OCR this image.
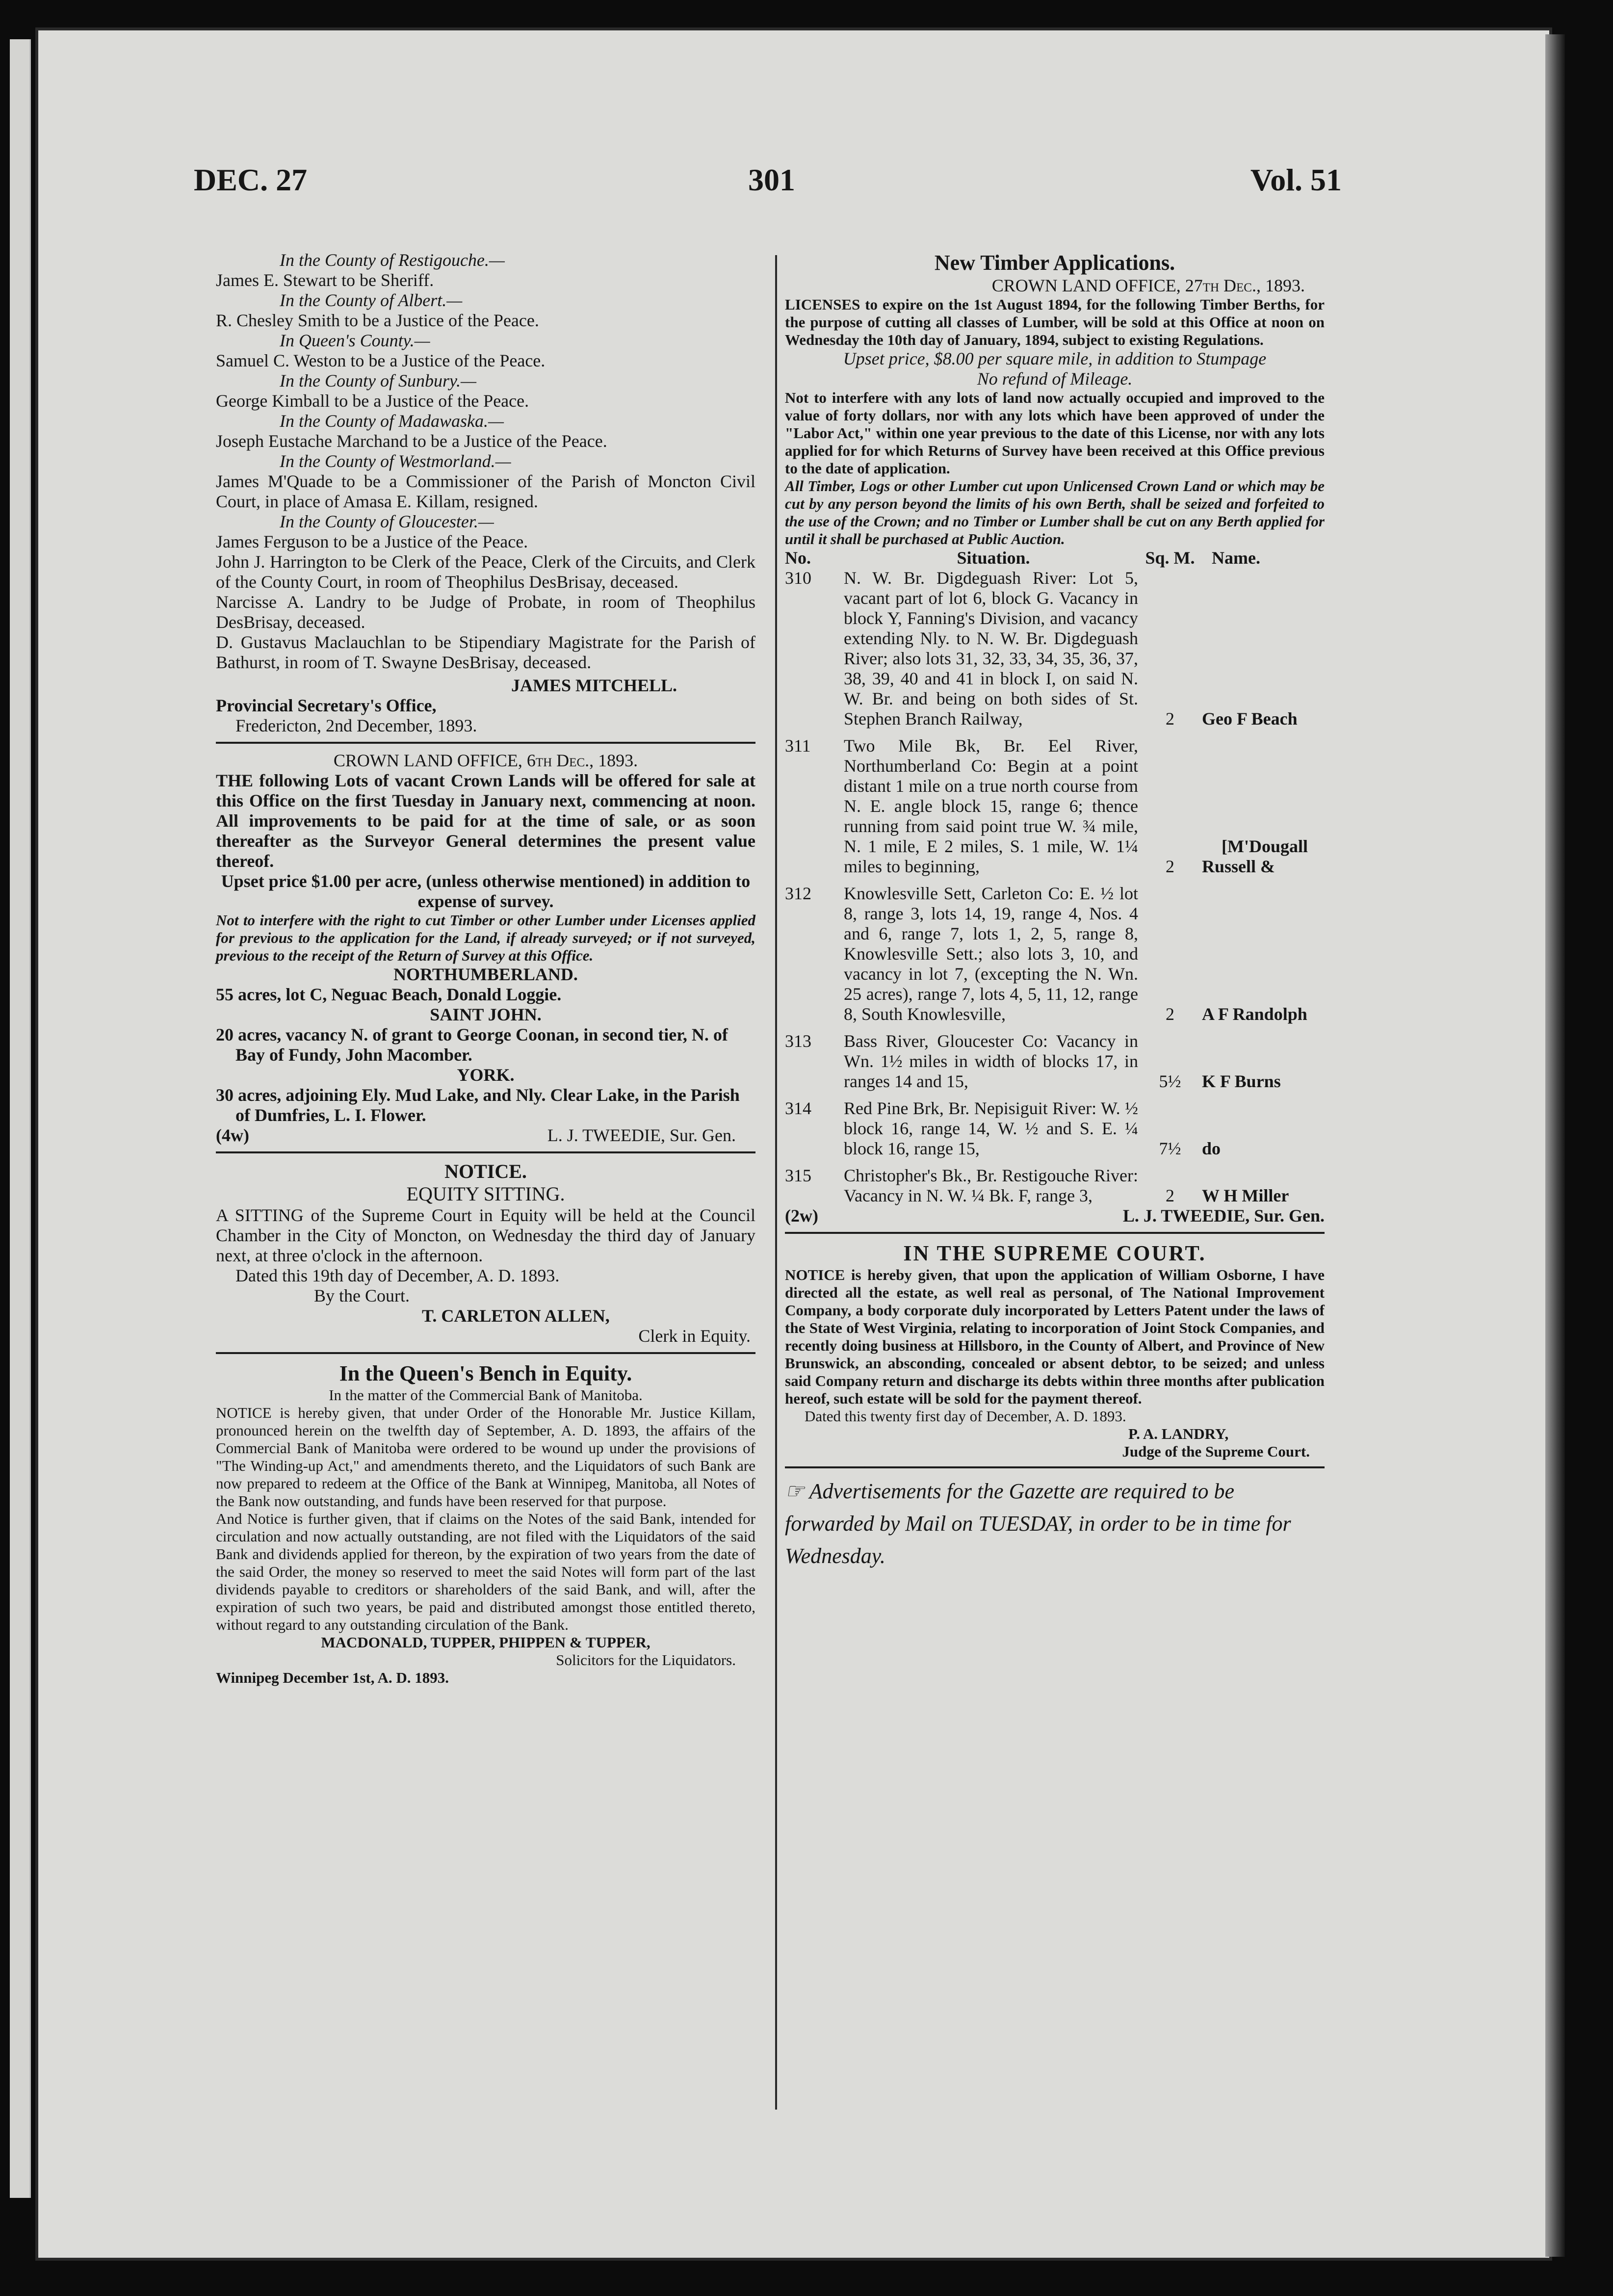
DEC. 27	301	Vol. 51

In the County of Restigouche.—

James E. Stewart to be Sheriff.

In the County of Albert.—

R. Chesley Smith to be a Justice of the Peace.

In Queen's County.—

Samuel C. Weston to be a Justice of the Peace.

In the County of Sunbury.—

George Kimball to be a Justice of the Peace.

In the County of Madawaska.—

Joseph Eustache Marchand to be a Justice of the Peace.

In the County of Westmorland.—

James M'Quade to be a Commissioner of the Parish of Moncton Civil Court, in place of Amasa E. Killam, resigned.

In the County of Gloucester.—

James Ferguson to be a Justice of the Peace.

John J. Harrington to be Clerk of the Peace, Clerk of the Circuits, and Clerk of the County Court, in room of Theophilus DesBrisay, deceased.

Narcisse A. Landry to be Judge of Probate, in room of Theophilus DesBrisay, deceased.

D. Gustavus Maclauchlan to be Stipendiary Magistrate for the Parish of Bathurst, in room of T. Swayne DesBrisay, deceased.

JAMES MITCHELL.

Provincial Secretary's Office,

Fredericton, 2nd December, 1893.

CROWN LAND OFFICE, 6th Dec., 1893.

THE following Lots of vacant Crown Lands will be offered for sale at this Office on the first Tuesday in January next, commencing at noon. All improvements to be paid for at the time of sale, or as soon thereafter as the Surveyor General determines the present value thereof.

Upset price $1.00 per acre, (unless otherwise mentioned) in addition to expense of survey.

Not to interfere with the right to cut Timber or other Lumber under Licenses applied for previous to the application for the Land, if already surveyed; or if not surveyed, previous to the receipt of the Return of Survey at this Office.

NORTHUMBERLAND.

55 acres, lot C, Neguac Beach, Donald Loggie.

SAINT JOHN.

20 acres, vacancy N. of grant to George Coonan, in second tier, N. of Bay of Fundy, John Macomber.

YORK.

30 acres, adjoining Ely. Mud Lake, and Nly. Clear Lake, in the Parish of Dumfries, L. I. Flower.

(4w)	L. J. TWEEDIE, Sur. Gen.

NOTICE.

EQUITY SITTING.

A SITTING of the Supreme Court in Equity will be held at the Council Chamber in the City of Moncton, on Wednesday the third day of January next, at three o'clock in the afternoon.

Dated this 19th day of December, A. D. 1893.

By the Court.

T. CARLETON ALLEN,

Clerk in Equity.

In the Queen's Bench in Equity.

In the matter of the Commercial Bank of Manitoba.

NOTICE is hereby given, that under Order of the Honorable Mr. Justice Killam, pronounced herein on the twelfth day of September, A. D. 1893, the affairs of the Commercial Bank of Manitoba were ordered to be wound up under the provisions of "The Winding-up Act," and amendments thereto, and the Liquidators of such Bank are now prepared to redeem at the Office of the Bank at Winnipeg, Manitoba, all Notes of the Bank now outstanding, and funds have been reserved for that purpose.

And Notice is further given, that if claims on the Notes of the said Bank, intended for circulation and now actually outstanding, are not filed with the Liquidators of the said Bank and dividends applied for thereon, by the expiration of two years from the date of the said Order, the money so reserved to meet the said Notes will form part of the last dividends payable to creditors or shareholders of the said Bank, and will, after the expiration of such two years, be paid and distributed amongst those entitled thereto, without regard to any outstanding circulation of the Bank.

MACDONALD, TUPPER, PHIPPEN & TUPPER,

Solicitors for the Liquidators.

Winnipeg December 1st, A. D. 1893.

New Timber Applications.

CROWN LAND OFFICE, 27th Dec., 1893.

LICENSES to expire on the 1st August 1894, for the following Timber Berths, for the purpose of cutting all classes of Lumber, will be sold at this Office at noon on Wednesday the 10th day of January, 1894, subject to existing Regulations.

Upset price, $8.00 per square mile, in addition to Stumpage

No refund of Mileage.

Not to interfere with any lots of land now actually occupied and improved to the value of forty dollars, nor with any lots which have been approved of under the "Labor Act," within one year previous to the date of this License, nor with any lots applied for for which Returns of Survey have been received at this Office previous to the date of application.

All Timber, Logs or other Lumber cut upon Unlicensed Crown Land or which may be cut by any person beyond the limits of his own Berth, shall be seized and forfeited to the use of the Crown; and no Timber or Lumber shall be cut on any Berth applied for until it shall be purchased at Public Auction.

No.	Situation.	Sq. M.	Name.
310	N. W. Br. Digdeguash River: Lot 5, vacant part of lot 6, block G. Vacancy in block Y, Fanning's Division, and vacancy extending Nly. to N. W. Br. Digdeguash River; also lots 31, 32, 33, 34, 35, 36, 37, 38, 39, 40 and 41 in block I, on said N. W. Br. and being on both sides of St. Stephen Branch Railway,	2	Geo F Beach

311	Two Mile Bk, Br. Eel River, Northumberland Co: Begin at a point distant 1 mile on a true north course from N. E. angle block 15, range 6; thence running from said point true W. ¾ mile, N. 1 mile, E 2 miles, S. 1 mile, W. 1¼ miles to beginning,	2	[M'Dougall
Russell &

312	Knowlesville Sett, Carleton Co: E. ½ lot 8, range 3, lots 14, 19, range 4, Nos. 4 and 6, range 7, lots 1, 2, 5, range 8, Knowlesville Sett.; also lots 3, 10, and vacancy in lot 7, (excepting the N. Wn. 25 acres), range 7, lots 4, 5, 11, 12, range 8, South Knowlesville,	2	A F Randolph

313	Bass River, Gloucester Co: Vacancy in Wn. 1½ miles in width of blocks 17, in ranges 14 and 15,	5½	K F Burns

314	Red Pine Brk, Br. Nepisiguit River: W. ½ block 16, range 14, W. ½ and S. E. ¼ block 16, range 15,	7½	do

315	Christopher's Bk., Br. Restigouche River: Vacancy in N. W. ¼ Bk. F, range 3,	2	W H Miller
(2w)	L. J. TWEEDIE, Sur. Gen.

IN THE SUPREME COURT.

NOTICE is hereby given, that upon the application of William Osborne, I have directed all the estate, as well real as personal, of The National Improvement Company, a body corporate duly incorporated by Letters Patent under the laws of the State of West Virginia, relating to incorporation of Joint Stock Companies, and recently doing business at Hillsboro, in the County of Albert, and Province of New Brunswick, an absconding, concealed or absent debtor, to be seized; and unless said Company return and discharge its debts within three months after publication hereof, such estate will be sold for the payment thereof.

Dated this twenty first day of December, A. D. 1893.

P. A. LANDRY,

Judge of the Supreme Court.

☞ Advertisements for the Gazette are required to be forwarded by Mail on TUESDAY, in order to be in time for Wednesday.
